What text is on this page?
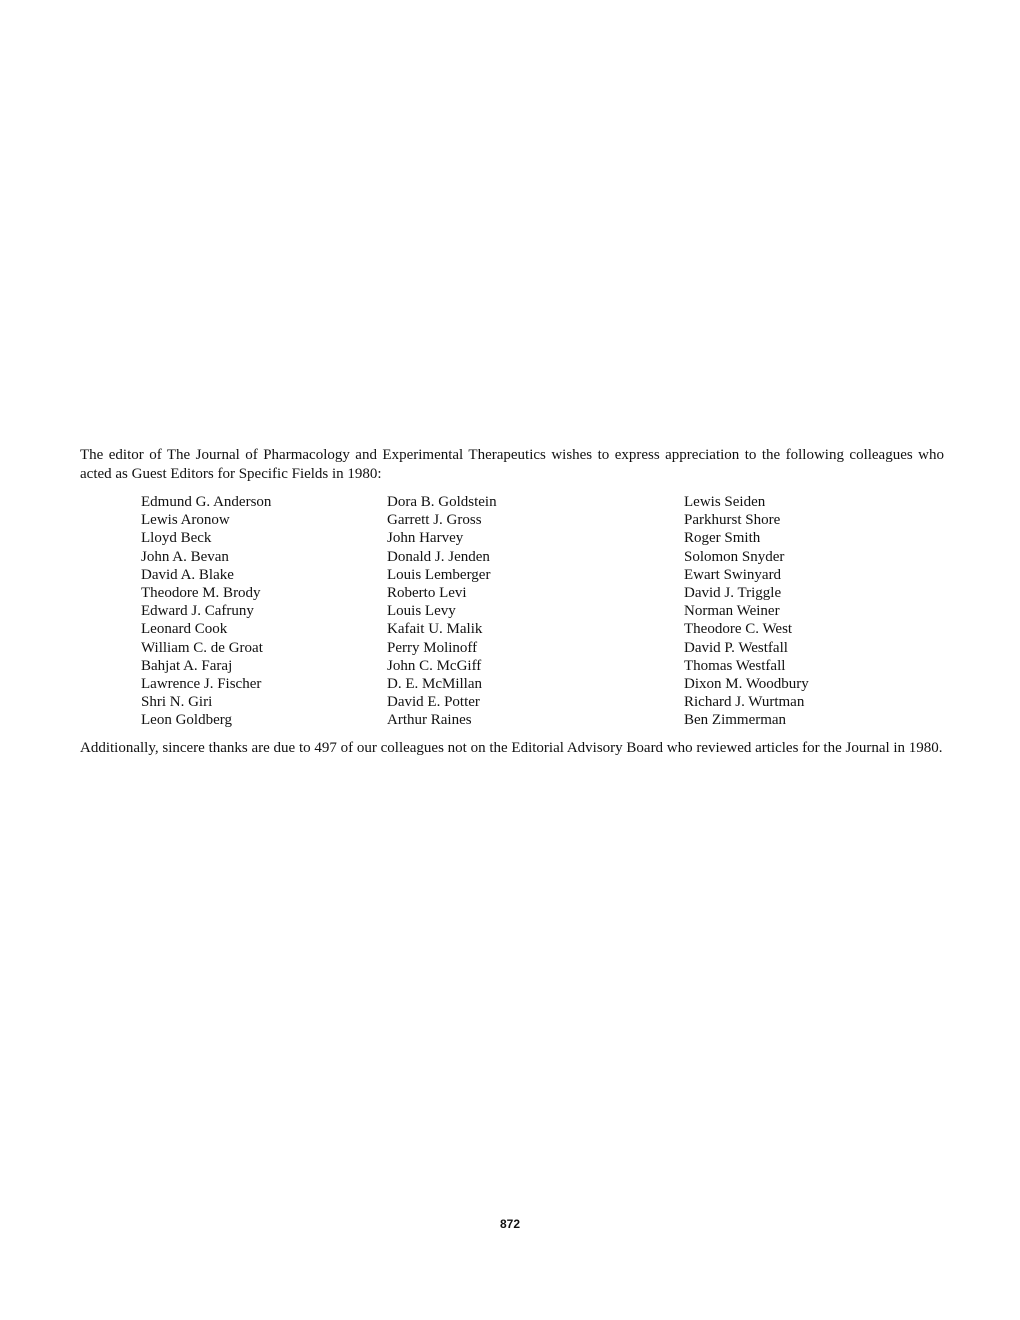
The editor of The Journal of Pharmacology and Experimental Therapeutics wishes to express appreciation to the following colleagues who acted as Guest Editors for Specific Fields in 1980:

Edmund G. Anderson
Lewis Aronow
Lloyd Beck
John A. Bevan
David A. Blake
Theodore M. Brody
Edward J. Cafruny
Leonard Cook
William C. de Groat
Bahjat A. Faraj
Lawrence J. Fischer
Shri N. Giri
Leon Goldberg
Dora B. Goldstein
Garrett J. Gross
John Harvey
Donald J. Jenden
Louis Lemberger
Roberto Levi
Louis Levy
Kafait U. Malik
Perry Molinoff
John C. McGiff
D. E. McMillan
David E. Potter
Arthur Raines
Lewis Seiden
Parkhurst Shore
Roger Smith
Solomon Snyder
Ewart Swinyard
David J. Triggle
Norman Weiner
Theodore C. West
David P. Westfall
Thomas Westfall
Dixon M. Woodbury
Richard J. Wurtman
Ben Zimmerman

Additionally, sincere thanks are due to 497 of our colleagues not on the Editorial Advisory Board who reviewed articles for the Journal in 1980.

872
